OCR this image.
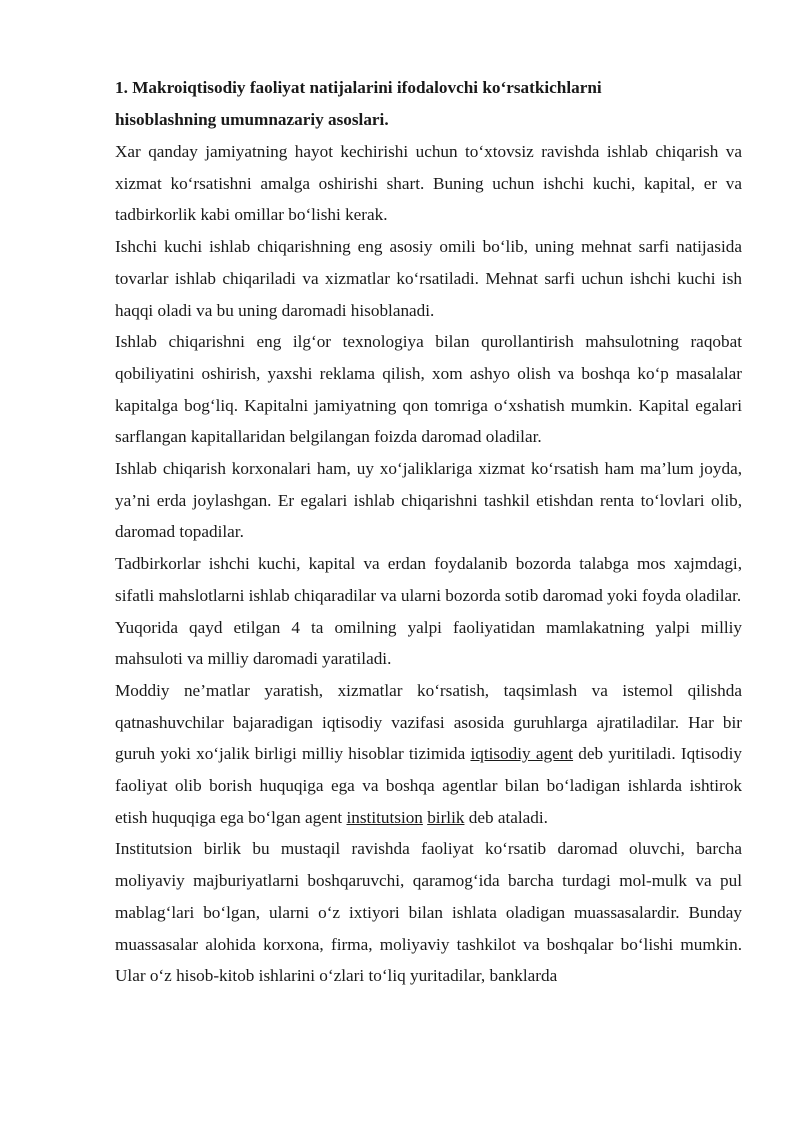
1. Makroiqtisodiy faoliyat natijalarini ifodalovchi ko‘rsatkichlarni
hisoblashning umumnazariy asoslari.

Xar qanday jamiyatning hayot kechirishi uchun to‘xtovsiz ravishda ishlab chiqarish va xizmat ko‘rsatishni amalga oshirishi shart. Buning uchun ishchi kuchi, kapital, er va tadbirkorlik kabi omillar bo‘lishi kerak.

Ishchi kuchi ishlab chiqarishning eng asosiy omili bo‘lib, uning mehnat sarfi natijasida tovarlar ishlab chiqariladi va xizmatlar ko‘rsatiladi. Mehnat sarfi uchun ishchi kuchi ish haqqi oladi va bu uning daromadi hisoblanadi.

Ishlab chiqarishni eng ilg‘or texnologiya bilan qurollantirish mahsulotning raqobat qobiliyatini oshirish, yaxshi reklama qilish, xom ashyo olish va boshqa ko‘p masalalar kapitalga bog‘liq. Kapitalni jamiyatning qon tomriga o‘xshatish mumkin. Kapital egalari sarflangan kapitallaridan belgilangan foizda daromad oladilar.

Ishlab chiqarish korxonalari ham, uy xo‘jaliklariga xizmat ko‘rsatish ham ma’lum joyda, ya’ni erda joylashgan. Er egalari ishlab chiqarishni tashkil etishdan renta to‘lovlari olib, daromad topadilar.

Tadbirkorlar ishchi kuchi, kapital va erdan foydalanib bozorda talabga mos xajmdagi, sifatli mahslotlarni ishlab chiqaradilar va ularni bozorda sotib daromad yoki foyda oladilar.

Yuqorida qayd etilgan 4 ta omilning yalpi faoliyatidan mamlakatning yalpi milliy mahsuloti va milliy daromadi yaratiladi.

Moddiy ne’matlar yaratish, xizmatlar ko‘rsatish, taqsimlash va istemol qilishda qatnashuvchilar bajaradigan iqtisodiy vazifasi asosida guruhlarga ajratiladilar. Har bir guruh yoki xo‘jalik birligi milliy hisoblar tizimida iqtisodiy agent deb yuritiladi. Iqtisodiy faoliyat olib borish huquqiga ega va boshqa agentlar bilan bo‘ladigan ishlarda ishtirok etish huquqiga ega bo‘lgan agent institutsion birlik deb ataladi.

Institutsion birlik bu mustaqil ravishda faoliyat ko‘rsatib daromad oluvchi, barcha moliyaviy majburiyatlarni boshqaruvchi, qaramog‘ida barcha turdagi mol-mulk va pul mablag‘lari bo‘lgan, ularni o‘z ixtiyori bilan ishlata oladigan muassasalardir. Bunday muassasalar alohida korxona, firma, moliyaviy tashkilot va boshqalar bo‘lishi mumkin. Ular o‘z hisob-kitob ishlarini o‘zlari to‘liq yuritadilar, banklarda
